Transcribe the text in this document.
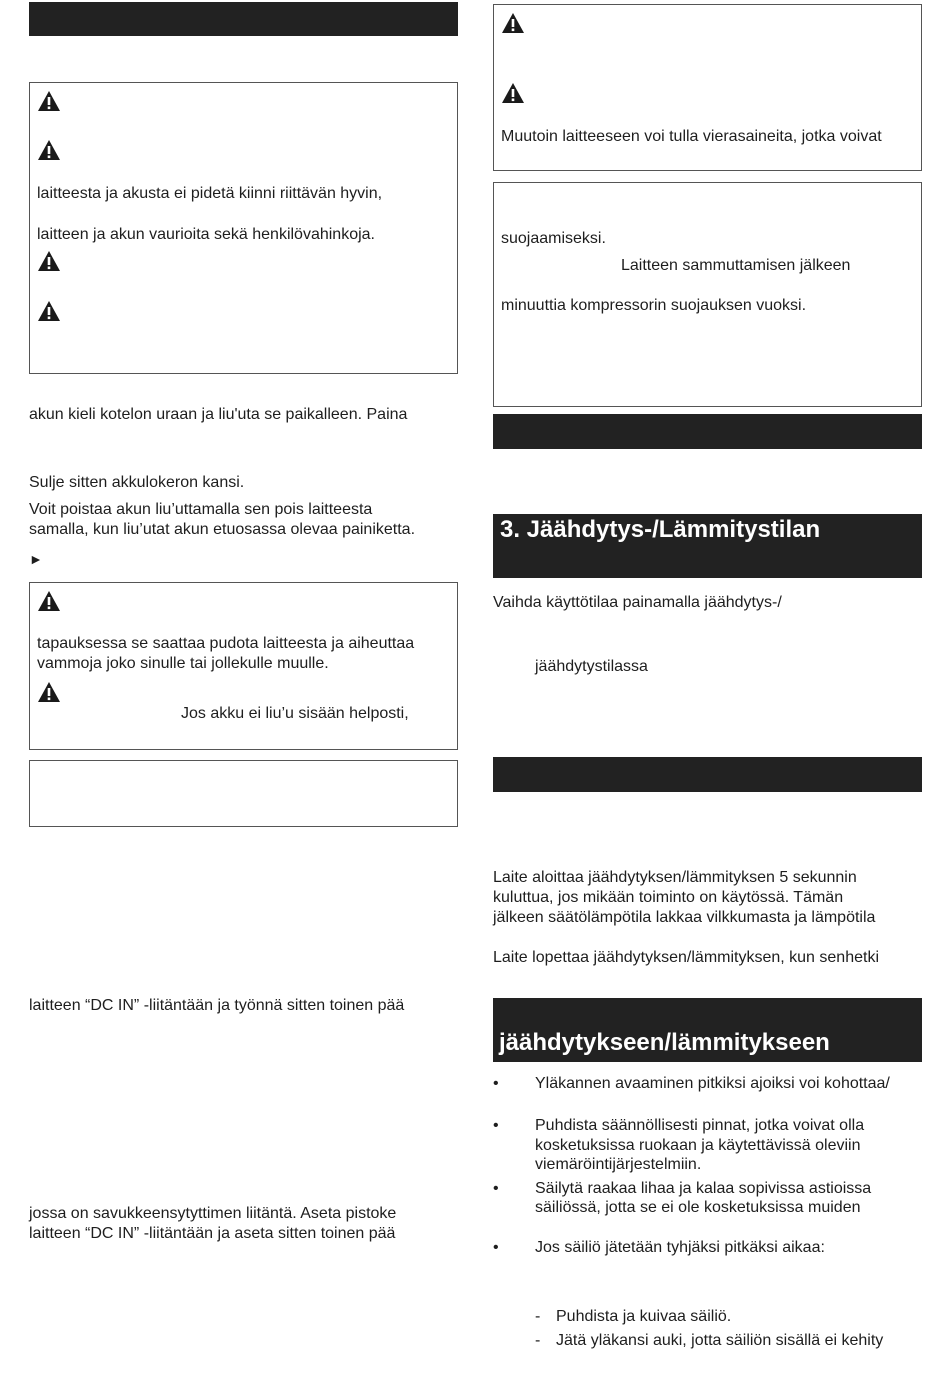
laitteesta ja akusta ei pidetä kiinni riittävän hyvin,
laitteen ja akun vaurioita sekä henkilövahinkoja.
akun kieli kotelon uraan ja liu'uta se paikalleen. Paina
Sulje sitten akkulokeron kansi.
Voit poistaa akun liu’uttamalla sen pois laitteesta
samalla, kun liu’utat akun etuosassa olevaa painiketta.
►
tapauksessa se saattaa pudota laitteesta ja aiheuttaa
vammoja joko sinulle tai jollekulle muulle.
Jos akku ei liu’u sisään helposti,
laitteen “DC IN” -liitäntään ja työnnä sitten toinen pää
jossa on savukkeensytyttimen liitäntä. Aseta pistoke
laitteen “DC IN” -liitäntään ja aseta sitten toinen pää
Muutoin laitteeseen voi tulla vierasaineita, jotka voivat
suojaamiseksi.
Laitteen sammuttamisen jälkeen
minuuttia kompressorin suojauksen vuoksi.
3. Jäähdytys-/Lämmitystilan
Vaihda käyttötilaa painamalla jäähdytys-/
jäähdytystilassa
Laite aloittaa jäähdytyksen/lämmityksen 5 sekunnin
kuluttua, jos mikään toiminto on käytössä. Tämän
jälkeen säätölämpötila lakkaa vilkkumasta ja lämpötila
Laite lopettaa jäähdytyksen/lämmityksen, kun senhetki
jäähdytykseen/lämmitykseen
• Yläkannen avaaminen pitkiksi ajoiksi voi kohottaa/
• Puhdista säännöllisesti pinnat, jotka voivat olla
kosketuksissa ruokaan ja käytettävissä oleviin
viemäröintijärjestelmiin.
• Säilytä raakaa lihaa ja kalaa sopivissa astioissa
säiliössä, jotta se ei ole kosketuksissa muiden
• Jos säiliö jätetään tyhjäksi pitkäksi aikaa:
- Puhdista ja kuivaa säiliö.
- Jätä yläkansi auki, jotta säiliön sisällä ei kehity
